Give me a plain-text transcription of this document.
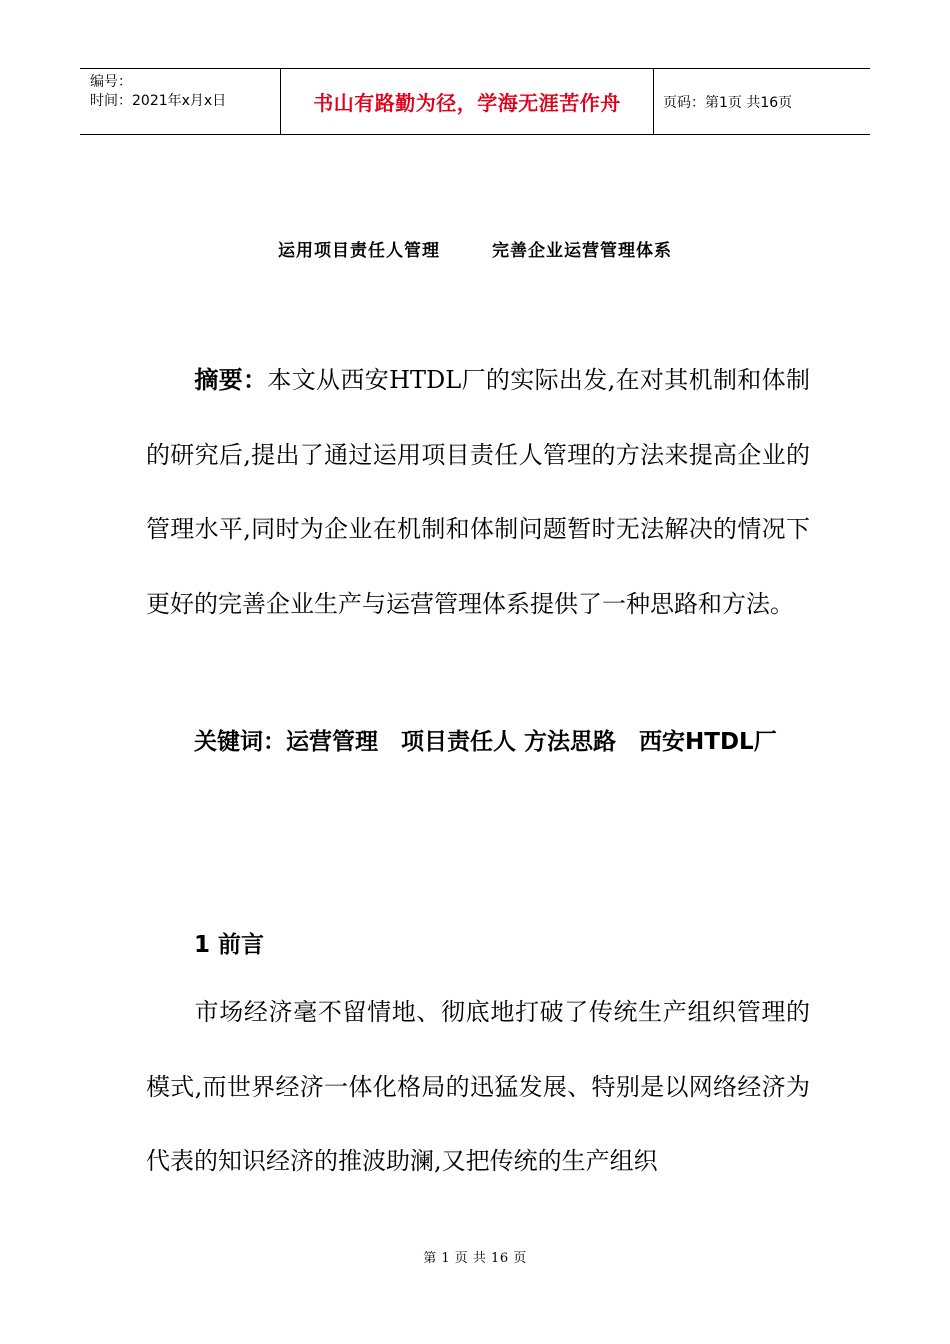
编号：
时间：2021年x月x日	书山有路勤为径，学海无涯苦作舟	页码：第1页 共16页
运用项目责任人管理	完善企业运营管理体系
摘要：本文从西安HTDL厂的实际出发,在对其机制和体制的研究后,提出了通过运用项目责任人管理的方法来提高企业的管理水平,同时为企业在机制和体制问题暂时无法解决的情况下更好的完善企业生产与运营管理体系提供了一种思路和方法。
关键词：运营管理　项目责任人 方法思路　西安HTDL厂
1 前言
市场经济毫不留情地、彻底地打破了传统生产组织管理的模式,而世界经济一体化格局的迅猛发展、特别是以网络经济为代表的知识经济的推波助澜,又把传统的生产组织
第 1 页 共 16 页
